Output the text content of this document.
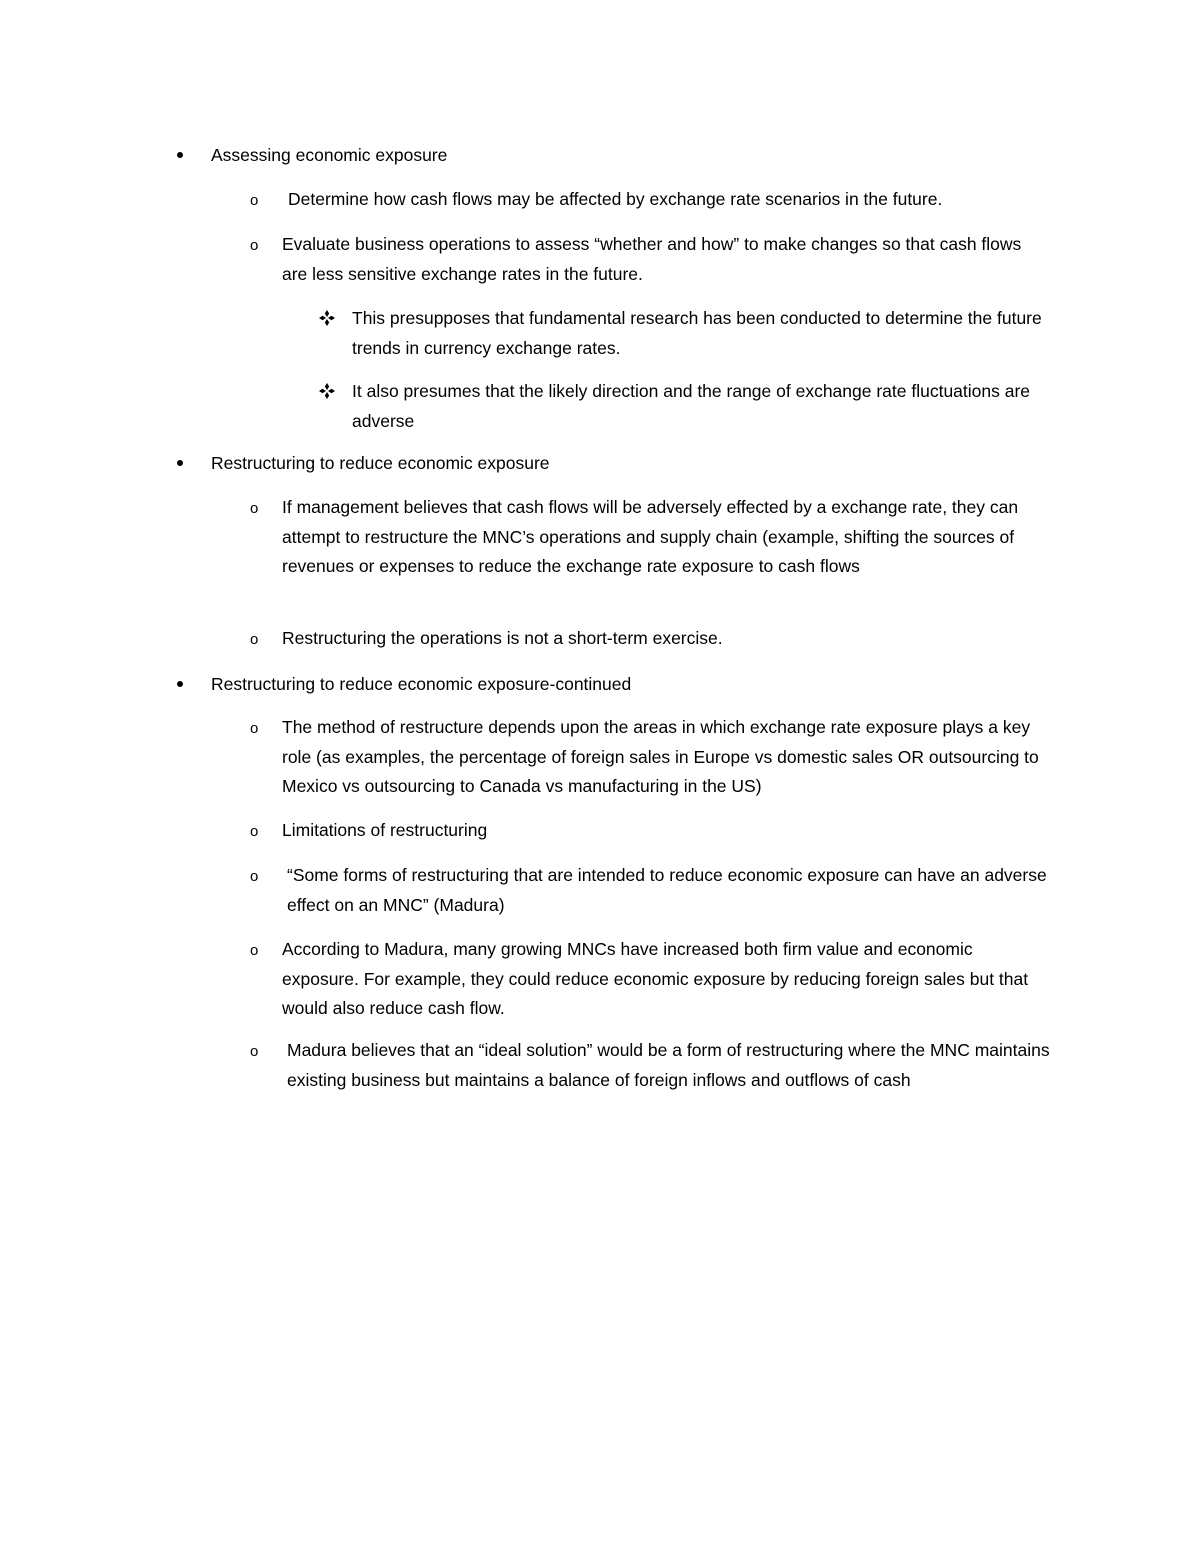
Assessing economic exposure
o	Determine how cash flows may be affected by exchange rate scenarios in the future.
o Evaluate business operations to assess “whether and how” to make changes so that cash flows are less sensitive exchange rates in the future.
This presupposes that fundamental research has been conducted to determine the future trends in currency exchange rates.
It also presumes that the likely direction and the range of exchange rate fluctuations are adverse
Restructuring to reduce economic exposure
o If management believes that cash flows will be adversely effected by a exchange rate, they can attempt to restructure the MNC’s operations and supply chain (example, shifting the sources of revenues or expenses to reduce the exchange rate exposure to cash flows
o Restructuring the operations is not a short-term exercise.
Restructuring to reduce economic exposure-continued
o The method of restructure depends upon the areas in which exchange rate exposure plays a key role (as examples, the percentage of foreign sales in Europe vs domestic sales OR outsourcing to Mexico vs outsourcing to Canada vs manufacturing in the US)
o Limitations of restructuring
o “Some forms of restructuring that are intended to reduce economic exposure can have an adverse effect on an MNC” (Madura)
o According to Madura, many growing MNCs have increased both firm value and economic exposure. For example, they could reduce economic exposure by reducing foreign sales but that would also reduce cash flow.
o Madura believes that an “ideal solution” would be a form of restructuring where the MNC maintains existing business but maintains a balance of foreign inflows and outflows of cash
